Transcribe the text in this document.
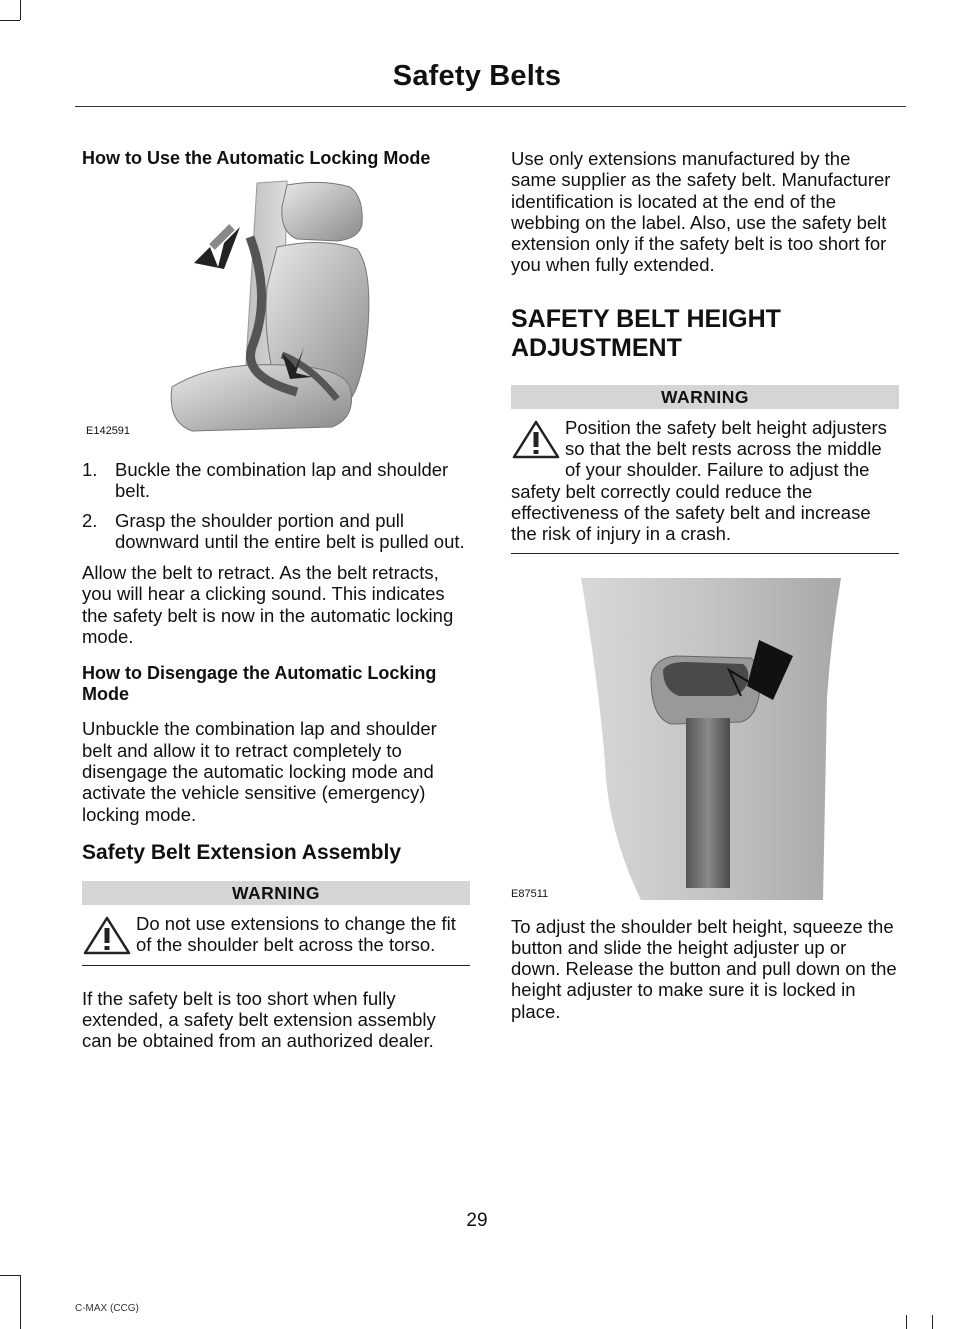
Safety Belts
How to Use the Automatic Locking Mode
E142591
1. Buckle the combination lap and shoulder belt.
2. Grasp the shoulder portion and pull downward until the entire belt is pulled out.

Allow the belt to retract. As the belt retracts, you will hear a clicking sound. This indicates the safety belt is now in the automatic locking mode.

How to Disengage the Automatic Locking Mode

Unbuckle the combination lap and shoulder belt and allow it to retract completely to disengage the automatic locking mode and activate the vehicle sensitive (emergency) locking mode.

Safety Belt Extension Assembly
WARNING
Do not use extensions to change the fit of the shoulder belt across the torso.

If the safety belt is too short when fully extended, a safety belt extension assembly can be obtained from an authorized dealer.

Use only extensions manufactured by the same supplier as the safety belt. Manufacturer identification is located at the end of the webbing on the label. Also, use the safety belt extension only if the safety belt is too short for you when fully extended.

SAFETY BELT HEIGHT ADJUSTMENT
WARNING
Position the safety belt height adjusters so that the belt rests across the middle of your shoulder. Failure to adjust the safety belt correctly could reduce the effectiveness of the safety belt and increase the risk of injury in a crash.
E87511

To adjust the shoulder belt height, squeeze the button and slide the height adjuster up or down. Release the button and pull down on the height adjuster to make sure it is locked in place.

29
C-MAX (CCG)
